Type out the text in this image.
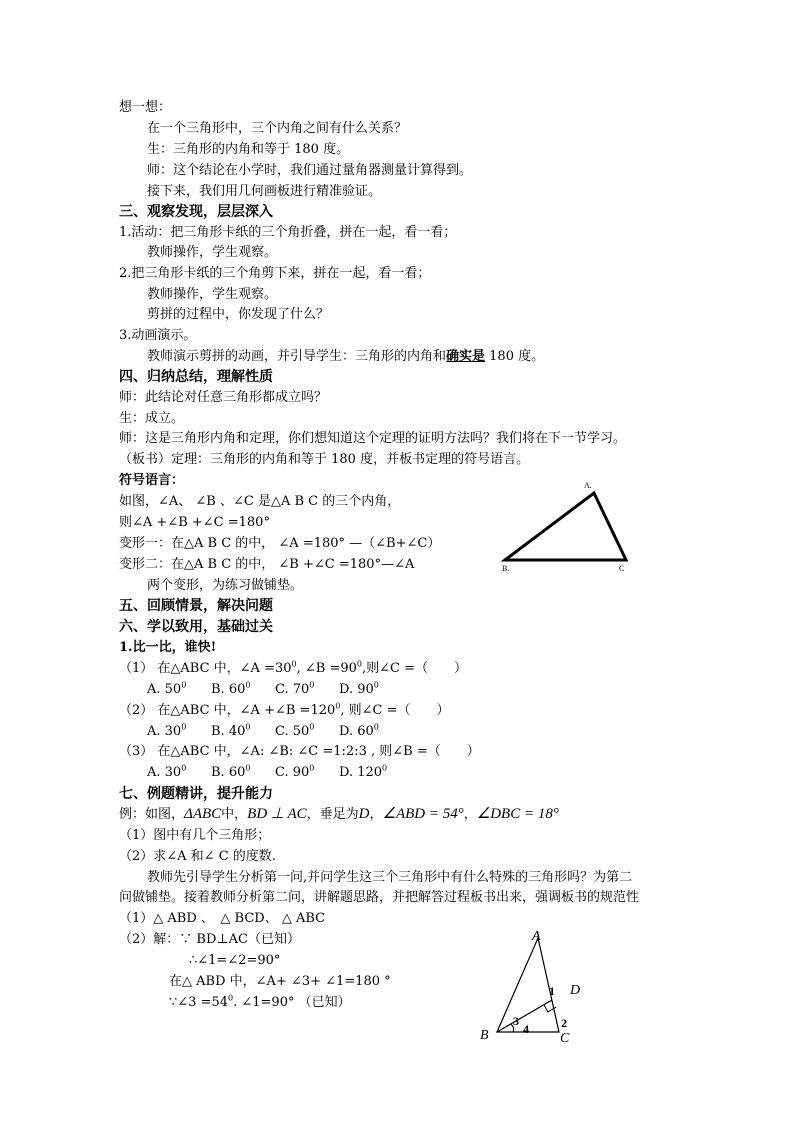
想一想：
在一个三角形中，三个内角之间有什么关系？
生：三角形的内角和等于 180 度。
师：这个结论在小学时，我们通过量角器测量计算得到。
接下来，我们用几何画板进行精准验证。
三、观察发现，层层深入
1.活动：把三角形卡纸的三个角折叠，拼在一起，看一看；
教师操作，学生观察。
2.把三角形卡纸的三个角剪下来，拼在一起，看一看；
教师操作，学生观察。
剪拼的过程中，你发现了什么？
3.动画演示。
教师演示剪拼的动画，并引导学生：三角形的内角和确实是 180 度。
四、归纳总结，理解性质
师：此结论对任意三角形都成立吗？
生：成立。
师：这是三角形内角和定理，你们想知道这个定理的证明方法吗？我们将在下一节学习。
（板书）定理：三角形的内角和等于 180 度，并板书定理的符号语言。
符号语言：
如图，∠A、 ∠B 、∠C 是△A B C 的三个内角，
则∠A +∠B +∠C =180°
变形一：在△A B C 的中， ∠A =180° —（∠B+∠C）
变形二：在△A B C 的中， ∠B +∠C =180°—∠A
两个变形，为练习做铺垫。
A.
B.	C
五、回顾情景，解决问题
六、学以致用，基础过关
1.比一比，谁快!
（1） 在△ABC 中，∠A $=30^0$, ∠B $=90^0$,则∠C =（　　）
A. $50^0$ B. $60^0$ C. $70^0$ D. $90^0$
（2） 在△ABC 中，∠A +∠B $=120^0$, 则∠C =（　　）
A. $30^0$ B. $40^0$ C. $50^0$ D. $60^0$
（3） 在△ABC 中，∠A: ∠B: ∠C =1:2:3 , 则∠B =（　　）
A. $30^0$ B. $60^0$ C. $90^0$ D. $120^0$
七、例题精讲，提升能力
例：如图，ΔABC中，BD ⊥ AC，垂足为D，∠ABD = 54°，∠DBC = 18°
（1）图中有几个三角形；
（2）求∠A 和∠ C 的度数.
教师先引导学生分析第一问,并问学生这三个三角形中有什么特殊的三角形吗？为第二
问做铺垫。接着教师分析第二问，讲解题思路，并把解答过程板书出来，强调板书的规范性
（1）△ ABD 、　△ BCD、 △ ABC
（2）解：∵ BD⊥AC（已知）
∴∠1=∠2=90°
在△ ABD 中，∠A+ ∠3+ ∠1=180 °
∵∠3 $=54^0$. ∠1=90° （已知）
A
B	C
D
1
2
3
4
